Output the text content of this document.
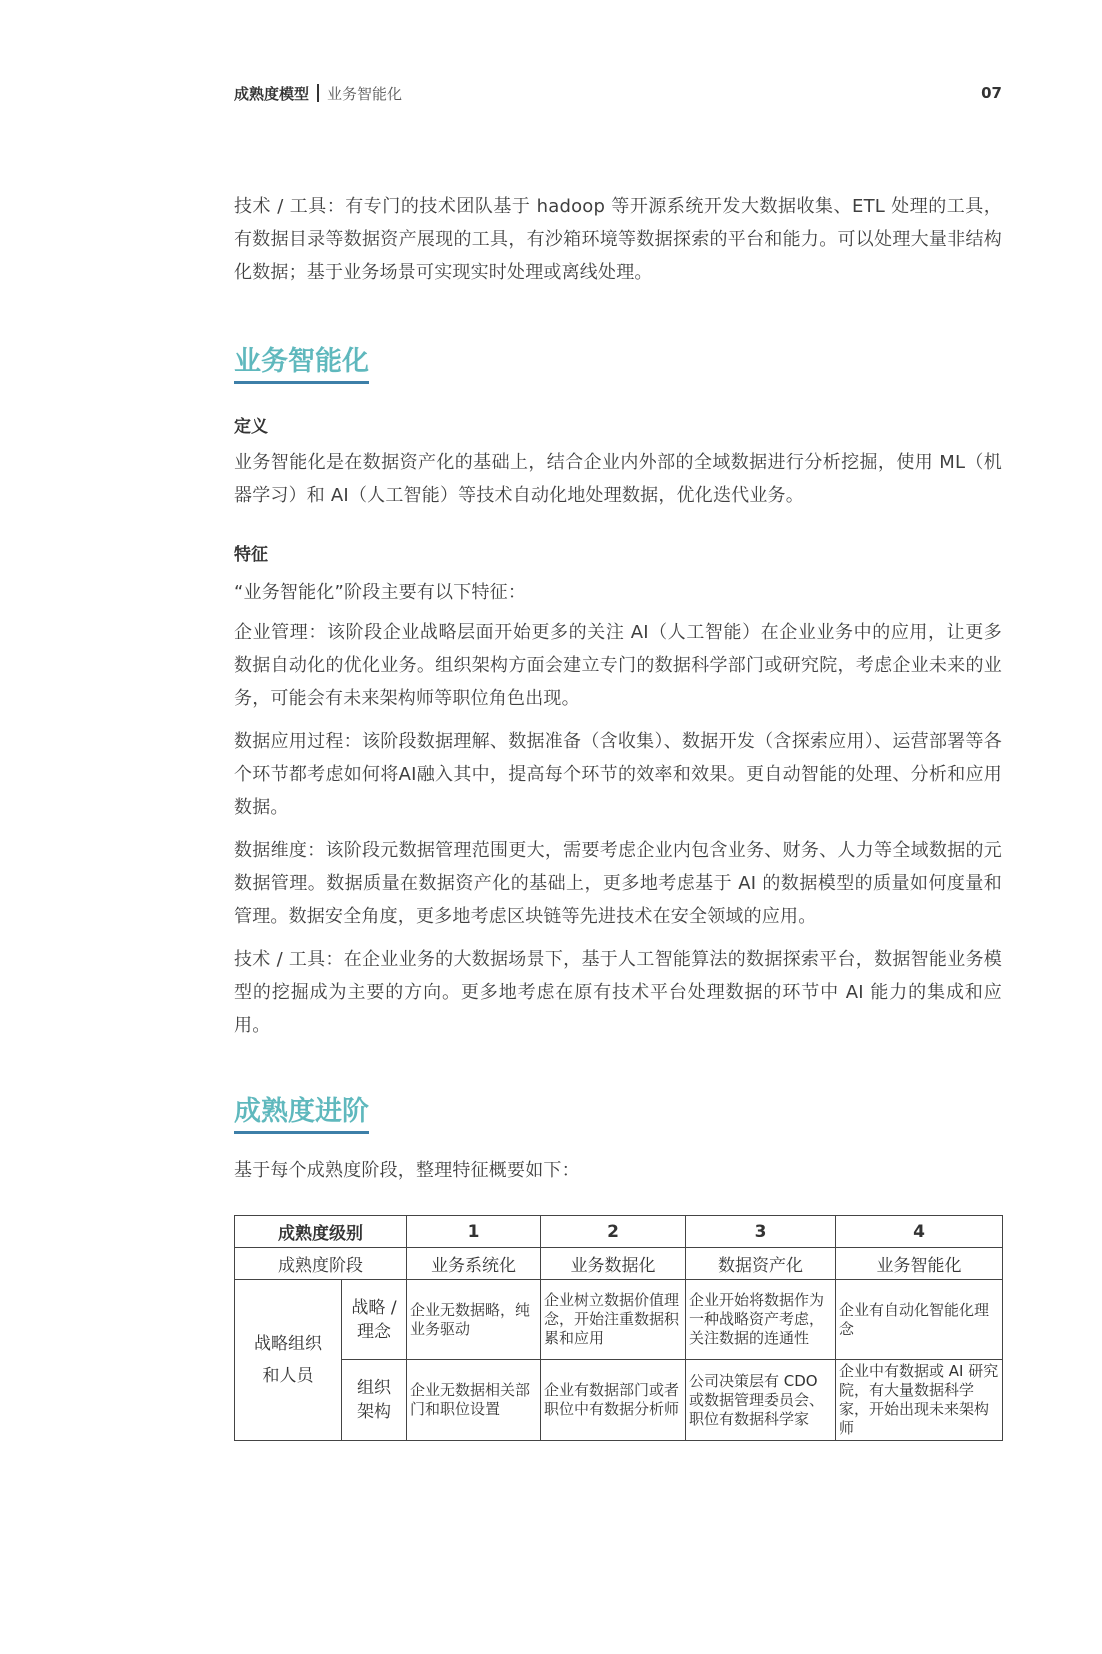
成熟度模型 业务智能化	07

技术 / 工具：有专门的技术团队基于 hadoop 等开源系统开发大数据收集、ETL 处理的工具，有数据目录等数据资产展现的工具，有沙箱环境等数据探索的平台和能力。可以处理大量非结构化数据；基于业务场景可实现实时处理或离线处理。

业务智能化

定义

业务智能化是在数据资产化的基础上，结合企业内外部的全域数据进行分析挖掘，使用 ML（机器学习）和 AI（人工智能）等技术自动化地处理数据，优化迭代业务。

特征

“业务智能化”阶段主要有以下特征：

企业管理：该阶段企业战略层面开始更多的关注 AI（人工智能）在企业业务中的应用，让更多数据自动化的优化业务。组织架构方面会建立专门的数据科学部门或研究院，考虑企业未来的业务，可能会有未来架构师等职位角色出现。

数据应用过程：该阶段数据理解、数据准备（含收集）、数据开发（含探索应用）、运营部署等各个环节都考虑如何将AI融入其中，提高每个环节的效率和效果。更自动智能的处理、分析和应用数据。

数据维度：该阶段元数据管理范围更大，需要考虑企业内包含业务、财务、人力等全域数据的元数据管理。数据质量在数据资产化的基础上，更多地考虑基于 AI 的数据模型的质量如何度量和管理。数据安全角度，更多地考虑区块链等先进技术在安全领域的应用。

技术 / 工具：在企业业务的大数据场景下，基于人工智能算法的数据探索平台，数据智能业务模型的挖掘成为主要的方向。更多地考虑在原有技术平台处理数据的环节中 AI 能力的集成和应用。

成熟度进阶

基于每个成熟度阶段，整理特征概要如下：

成熟度级别		1	2	3	4
成熟度阶段		业务系统化	业务数据化	数据资产化	业务智能化
战略组织和人员	战略 / 理念	企业无数据略，纯业务驱动	企业树立数据价值理念，开始注重数据积累和应用	企业开始将数据作为一种战略资产考虑，关注数据的连通性	企业有自动化智能化理念
	组织架构	企业无数据相关部门和职位设置	企业有数据部门或者职位中有数据分析师	公司决策层有 CDO 或数据管理委员会、职位有数据科学家	企业中有数据或 AI 研究院，有大量数据科学家，开始出现未来架构师
